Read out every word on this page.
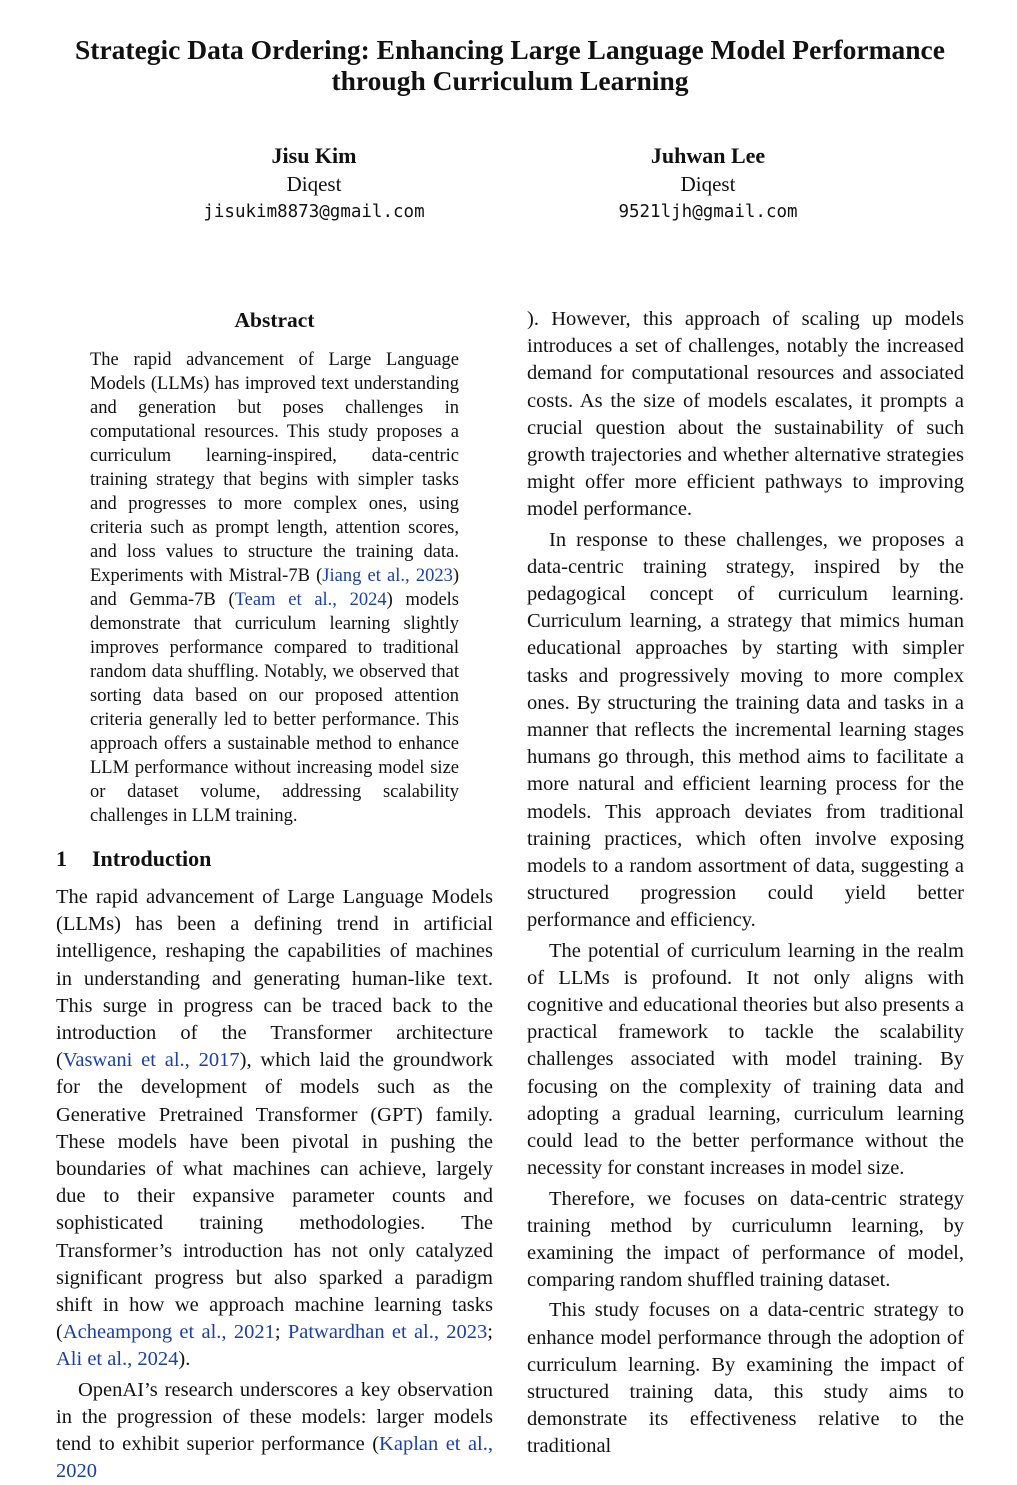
Strategic Data Ordering: Enhancing Large Language Model Performance through Curriculum Learning
Jisu Kim
Diqest
jisukim8873@gmail.com
Juhwan Lee
Diqest
9521ljh@gmail.com
Abstract

The rapid advancement of Large Language Models (LLMs) has improved text understanding and generation but poses challenges in computational resources. This study proposes a curriculum learning-inspired, data-centric training strategy that begins with simpler tasks and progresses to more complex ones, using criteria such as prompt length, attention scores, and loss values to structure the training data. Experiments with Mistral-7B (Jiang et al., 2023) and Gemma-7B (Team et al., 2024) models demonstrate that curriculum learning slightly improves performance compared to traditional random data shuffling. Notably, we observed that sorting data based on our proposed attention criteria generally led to better performance. This approach offers a sustainable method to enhance LLM performance without increasing model size or dataset volume, addressing scalability challenges in LLM training.

1 Introduction

The rapid advancement of Large Language Models (LLMs) has been a defining trend in artificial intelligence, reshaping the capabilities of machines in understanding and generating human-like text. This surge in progress can be traced back to the introduction of the Transformer architecture (Vaswani et al., 2017), which laid the groundwork for the development of models such as the Generative Pretrained Transformer (GPT) family. These models have been pivotal in pushing the boundaries of what machines can achieve, largely due to their expansive parameter counts and sophisticated training methodologies. The Transformer’s introduction has not only catalyzed significant progress but also sparked a paradigm shift in how we approach machine learning tasks (Acheampong et al., 2021; Patwardhan et al., 2023; Ali et al., 2024).

OpenAI’s research underscores a key observation in the progression of these models: larger models tend to exhibit superior performance (Kaplan et al., 2020

). However, this approach of scaling up models introduces a set of challenges, notably the increased demand for computational resources and associated costs. As the size of models escalates, it prompts a crucial question about the sustainability of such growth trajectories and whether alternative strategies might offer more efficient pathways to improving model performance.

In response to these challenges, we proposes a data-centric training strategy, inspired by the pedagogical concept of curriculum learning. Curriculum learning, a strategy that mimics human educational approaches by starting with simpler tasks and progressively moving to more complex ones. By structuring the training data and tasks in a manner that reflects the incremental learning stages humans go through, this method aims to facilitate a more natural and efficient learning process for the models. This approach deviates from traditional training practices, which often involve exposing models to a random assortment of data, suggesting a structured progression could yield better performance and efficiency.

The potential of curriculum learning in the realm of LLMs is profound. It not only aligns with cognitive and educational theories but also presents a practical framework to tackle the scalability challenges associated with model training. By focusing on the complexity of training data and adopting a gradual learning, curriculum learning could lead to the better performance without the necessity for constant increases in model size.

Therefore, we focuses on data-centric strategy training method by curriculumn learning, by examining the impact of performance of model, comparing random shuffled training dataset.

This study focuses on a data-centric strategy to enhance model performance through the adoption of curriculum learning. By examining the impact of structured training data, this study aims to demonstrate its effectiveness relative to the traditional
